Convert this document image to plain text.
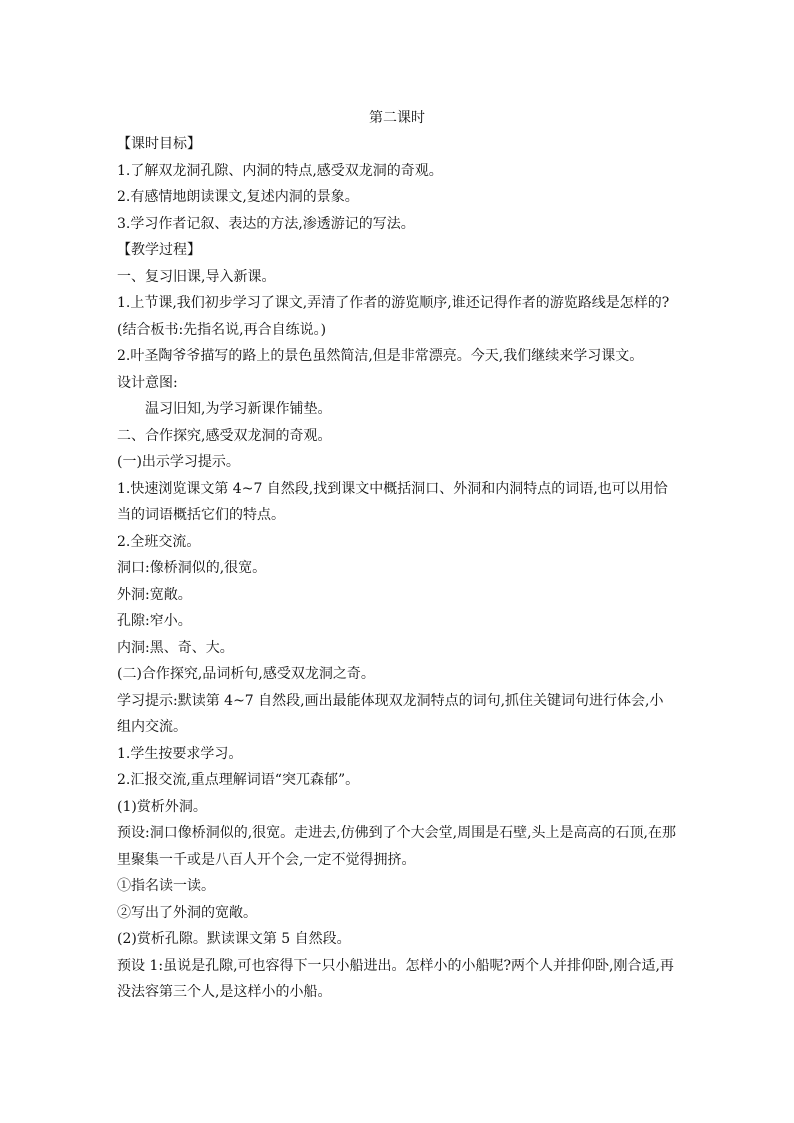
第二课时

【课时目标】

1.了解双龙洞孔隙、内洞的特点,感受双龙洞的奇观。

2.有感情地朗读课文,复述内洞的景象。

3.学习作者记叙、表达的方法,渗透游记的写法。

【教学过程】

一、复习旧课,导入新课。

1.上节课,我们初步学习了课文,弄清了作者的游览顺序,谁还记得作者的游览路线是怎样的?(结合板书:先指名说,再合自练说。)

2.叶圣陶爷爷描写的路上的景色虽然简洁,但是非常漂亮。今天,我们继续来学习课文。

设计意图:

温习旧知,为学习新课作铺垫。

二、合作探究,感受双龙洞的奇观。

(一)出示学习提示。

1.快速浏览课文第 4~7 自然段,找到课文中概括洞口、外洞和内洞特点的词语,也可以用恰当的词语概括它们的特点。

2.全班交流。

洞口:像桥洞似的,很宽。

外洞:宽敞。

孔隙:窄小。

内洞:黑、奇、大。

(二)合作探究,品词析句,感受双龙洞之奇。

学习提示:默读第 4~7 自然段,画出最能体现双龙洞特点的词句,抓住关键词句进行体会,小组内交流。

1.学生按要求学习。

2.汇报交流,重点理解词语“突兀森郁”。

(1)赏析外洞。

预设:洞口像桥洞似的,很宽。走进去,仿佛到了个大会堂,周围是石壁,头上是高高的石顶,在那里聚集一千或是八百人开个会,一定不觉得拥挤。

①指名读一读。

②写出了外洞的宽敞。

(2)赏析孔隙。默读课文第 5 自然段。

预设 1:虽说是孔隙,可也容得下一只小船进出。怎样小的小船呢?两个人并排仰卧,刚合适,再没法容第三个人,是这样小的小船。
